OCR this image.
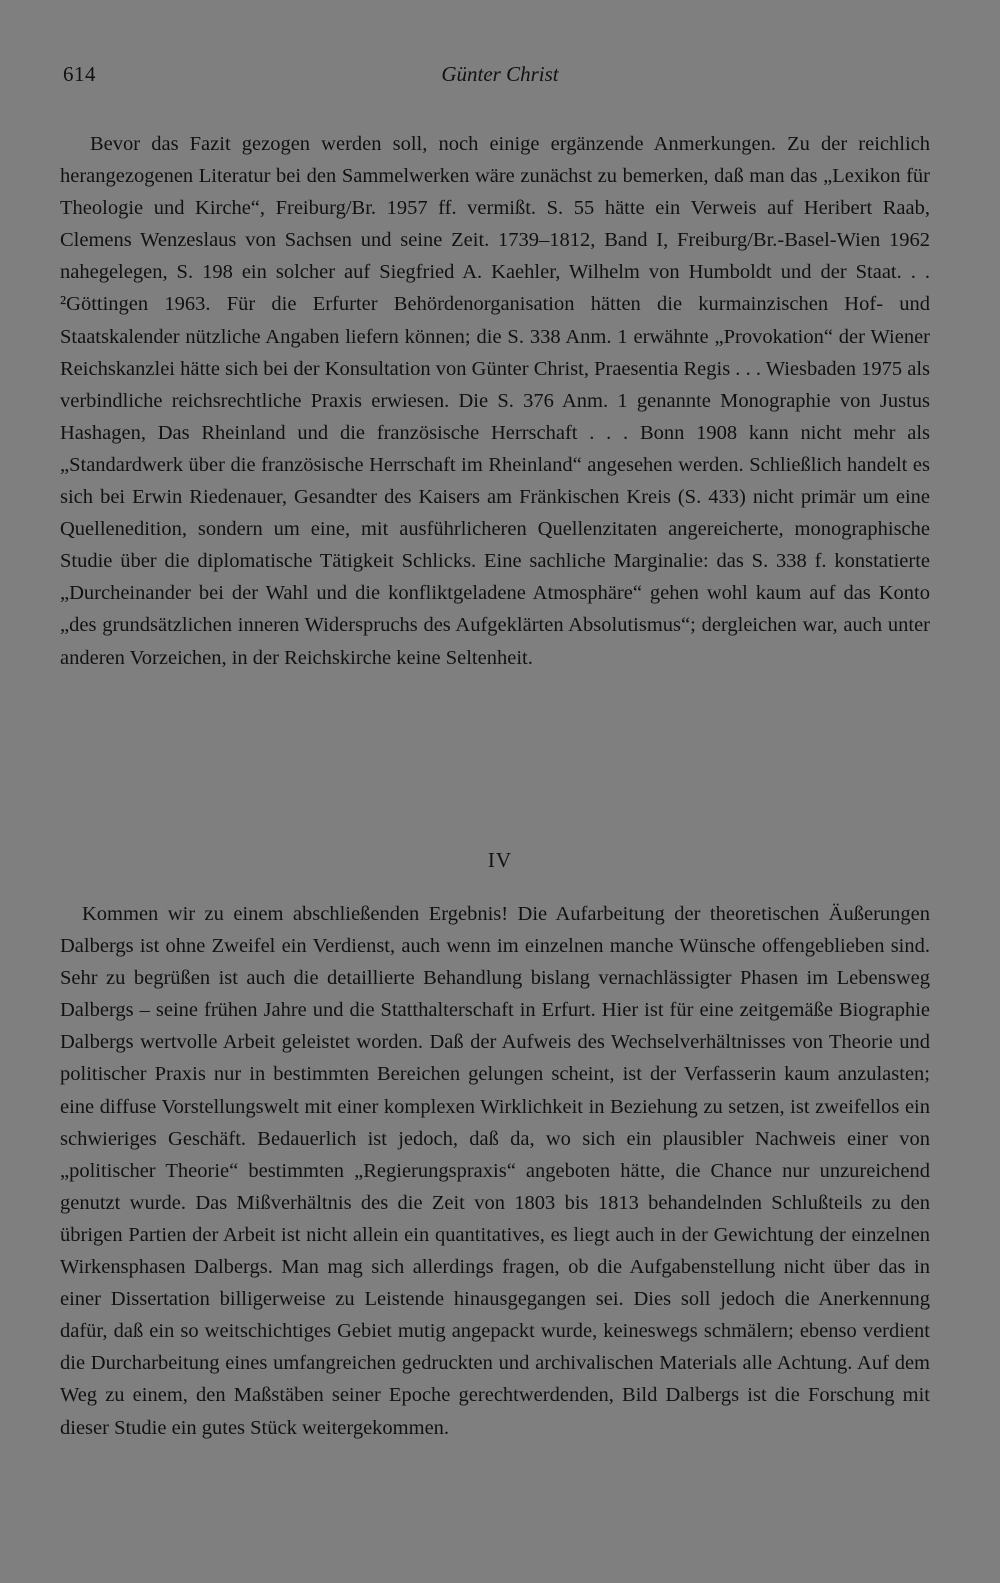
614	Günter Christ

Bevor das Fazit gezogen werden soll, noch einige ergänzende Anmerkungen. Zu der reichlich herangezogenen Literatur bei den Sammelwerken wäre zunächst zu bemerken, daß man das „Lexikon für Theologie und Kirche“, Freiburg/Br. 1957 ff. vermißt. S. 55 hätte ein Verweis auf Heribert Raab, Clemens Wenzeslaus von Sachsen und seine Zeit. 1739–1812, Band I, Freiburg/Br.-Basel-Wien 1962 nahegelegen, S. 198 ein solcher auf Siegfried A. Kaehler, Wilhelm von Humboldt und der Staat. . . ²Göttingen 1963. Für die Erfurter Behördenorganisation hätten die kurmainzischen Hof- und Staatskalender nützliche Angaben liefern können; die S. 338 Anm. 1 erwähnte „Provokation“ der Wiener Reichskanzlei hätte sich bei der Konsultation von Günter Christ, Praesentia Regis . . . Wiesbaden 1975 als verbindliche reichsrechtliche Praxis erwiesen. Die S. 376 Anm. 1 genannte Monographie von Justus Hashagen, Das Rheinland und die französische Herrschaft . . . Bonn 1908 kann nicht mehr als „Standardwerk über die französische Herrschaft im Rheinland“ angesehen werden. Schließlich handelt es sich bei Erwin Riedenauer, Gesandter des Kaisers am Fränkischen Kreis (S. 433) nicht primär um eine Quellenedition, sondern um eine, mit ausführlicheren Quellenzitaten angereicherte, monographische Studie über die diplomatische Tätigkeit Schlicks. Eine sachliche Marginalie: das S. 338 f. konstatierte „Durcheinander bei der Wahl und die konfliktgeladene Atmosphäre“ gehen wohl kaum auf das Konto „des grundsätzlichen inneren Widerspruchs des Aufgeklärten Absolutismus“; dergleichen war, auch unter anderen Vorzeichen, in der Reichskirche keine Seltenheit.

IV

Kommen wir zu einem abschließenden Ergebnis! Die Aufarbeitung der theoretischen Äußerungen Dalbergs ist ohne Zweifel ein Verdienst, auch wenn im einzelnen manche Wünsche offengeblieben sind. Sehr zu begrüßen ist auch die detaillierte Behandlung bislang vernachlässigter Phasen im Lebensweg Dalbergs – seine frühen Jahre und die Statthalterschaft in Erfurt. Hier ist für eine zeitgemäße Biographie Dalbergs wertvolle Arbeit geleistet worden. Daß der Aufweis des Wechselverhältnisses von Theorie und politischer Praxis nur in bestimmten Bereichen gelungen scheint, ist der Verfasserin kaum anzulasten; eine diffuse Vorstellungswelt mit einer komplexen Wirklichkeit in Beziehung zu setzen, ist zweifellos ein schwieriges Geschäft. Bedauerlich ist jedoch, daß da, wo sich ein plausibler Nachweis einer von „politischer Theorie“ bestimmten „Regierungspraxis“ angeboten hätte, die Chance nur unzureichend genutzt wurde. Das Mißverhältnis des die Zeit von 1803 bis 1813 behandelnden Schlußteils zu den übrigen Partien der Arbeit ist nicht allein ein quantitatives, es liegt auch in der Gewichtung der einzelnen Wirkensphasen Dalbergs. Man mag sich allerdings fragen, ob die Aufgabenstellung nicht über das in einer Dissertation billigerweise zu Leistende hinausgegangen sei. Dies soll jedoch die Anerkennung dafür, daß ein so weitschichtiges Gebiet mutig angepackt wurde, keineswegs schmälern; ebenso verdient die Durcharbeitung eines umfangreichen gedruckten und archivalischen Materials alle Achtung. Auf dem Weg zu einem, den Maßstäben seiner Epoche gerechtwerdenden, Bild Dalbergs ist die Forschung mit dieser Studie ein gutes Stück weitergekommen.
